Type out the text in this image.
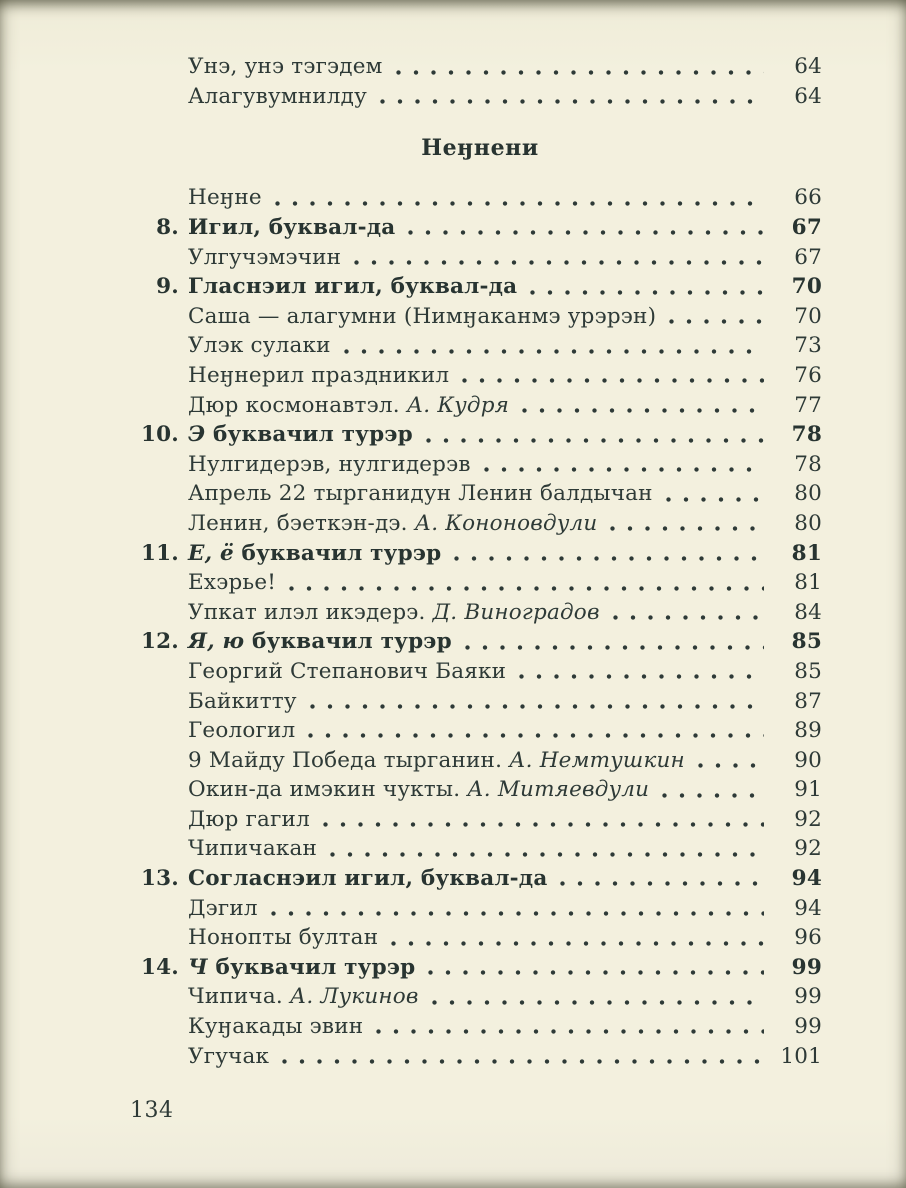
Унэ, унэ тэгэдем	64
Алагувумнилду	64
Неӈнени
Неӈне	66
8. Игил, буквал-да	67
Улгучэмэчин	67
9. Гласнэил игил, буквал-да	70
Саша — алагумни (Нимӈаканмэ урэрэн)	70
Улэк сулаки	73
Неӈнерил праздникил	76
Дюр космонавтэл. А. Кудря	77
10. Э буквачил турэр	78
Нулгидерэв, нулгидерэв	78
Апрель 22 тырганидун Ленин балдычан	80
Ленин, бэеткэн-дэ. А. Кононовдули	80
11. Е, ё буквачил турэр	81
Ехэрье!	81
Упкат илэл икэдерэ. Д. Виноградов	84
12. Я, ю буквачил турэр	85
Георгий Степанович Баяки	85
Байкитту	87
Геологил	89
9 Майду Победа тырганин. А. Немтушкин	90
Окин-да имэкин чукты. А. Митяевдули	91
Дюр гагил	92
Чипичакан	92
13. Согласнэил игил, буквал-да	94
Дэгил	94
Нонопты бултан	96
14. Ч буквачил турэр	99
Чипича. А. Лукинов	99
Куӈакады эвин	99
Угучак	101
134
